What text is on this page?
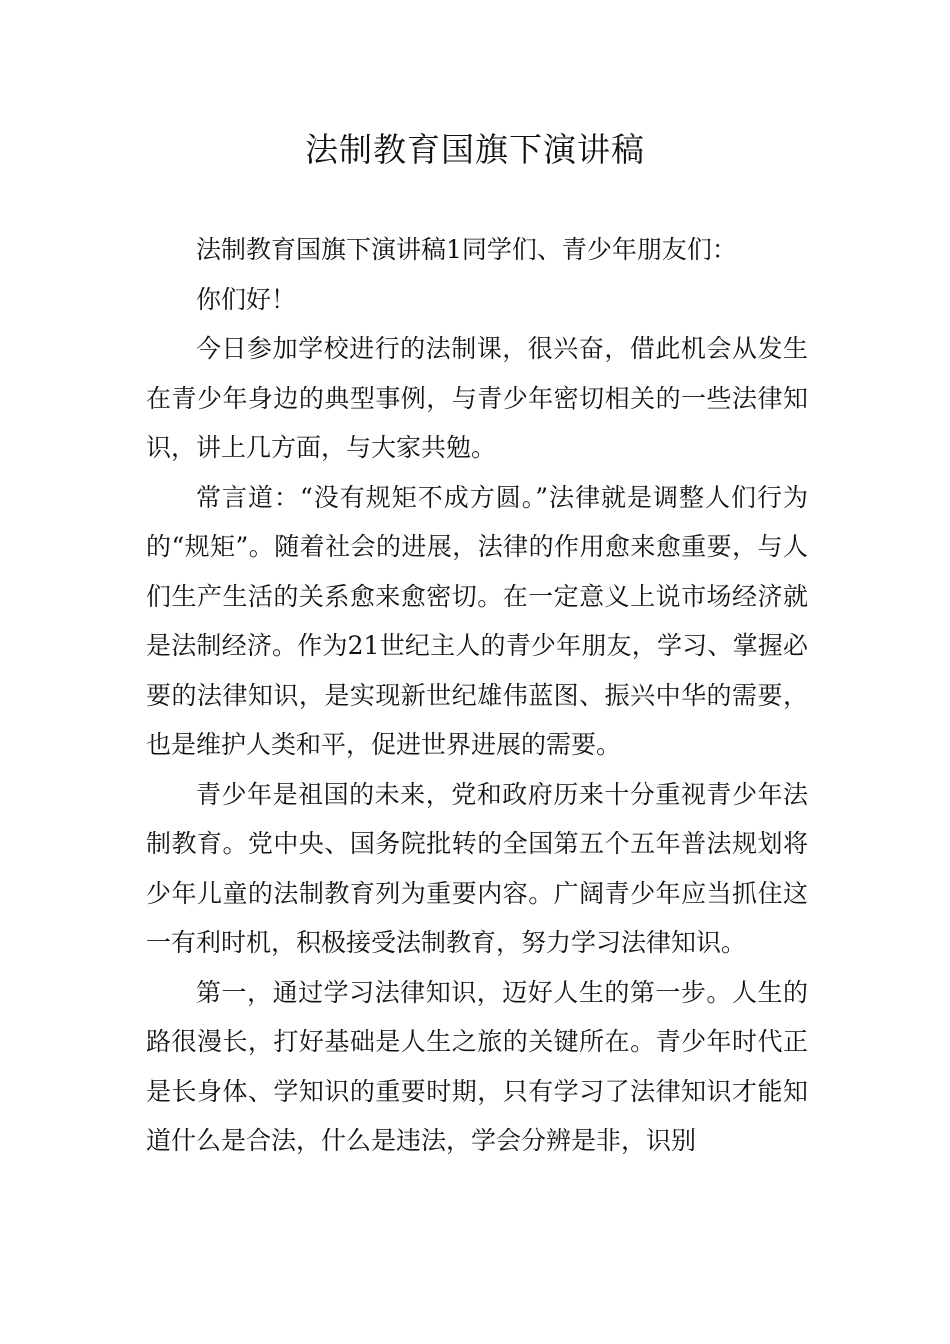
法制教育国旗下演讲稿

法制教育国旗下演讲稿1同学们、青少年朋友们：

你们好！

今日参加学校进行的法制课，很兴奋，借此机会从发生在青少年身边的典型事例，与青少年密切相关的一些法律知识，讲上几方面，与大家共勉。

常言道：“没有规矩不成方圆。”法律就是调整人们行为的“规矩”。随着社会的进展，法律的作用愈来愈重要，与人们生产生活的关系愈来愈密切。在一定意义上说市场经济就是法制经济。作为21世纪主人的青少年朋友，学习、掌握必要的法律知识，是实现新世纪雄伟蓝图、振兴中华的需要，也是维护人类和平，促进世界进展的需要。

青少年是祖国的未来，党和政府历来十分重视青少年法制教育。党中央、国务院批转的全国第五个五年普法规划将少年儿童的法制教育列为重要内容。广阔青少年应当抓住这一有利时机，积极接受法制教育，努力学习法律知识。

第一，通过学习法律知识，迈好人生的第一步。人生的路很漫长，打好基础是人生之旅的关键所在。青少年时代正是长身体、学知识的重要时期，只有学习了法律知识才能知道什么是合法，什么是违法，学会分辨是非，识别
